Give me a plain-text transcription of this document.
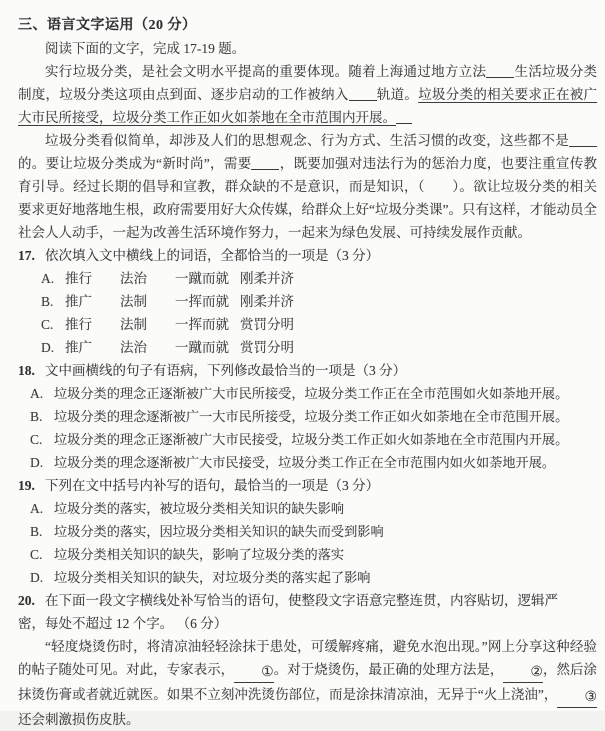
三、语言文字运用（20 分）
阅读下面的文字，完成 17-19 题。

实行垃圾分类，是社会文明水平提高的重要体现。随着上海通过地方立法 生活垃圾分类制度，垃圾分类这项由点到面、逐步启动的工作被纳入 轨道。垃圾分类的相关要求正在被广大市民所接受，垃圾分类工作正如火如荼地在全市范围内开展。

垃圾分类看似简单，却涉及人们的思想观念、行为方式、生活习惯的改变，这些都不是的。要让垃圾分类成为“新时尚”，需要 ，既要加强对违法行为的惩治力度，也要注重宣传教育引导。经过长期的倡导和宣教，群众缺的不是意识，而是知识，（　　）。欲让垃圾分类的相关要求更好地落地生根，政府需要用好大众传媒，给群众上好“垃圾分类课”。只有这样，才能动员全社会人人动手，一起为改善生活环境作努力，一起来为绿色发展、可持续发展作贡献。

17. 依次填入文中横线上的词语，全都恰当的一项是（3 分）
A. 推行	法治	一蹴而就 刚柔并济
B. 推广	法制	一挥而就 刚柔并济
C. 推行	法制	一挥而就 赏罚分明
D. 推广	法治	一蹴而就 赏罚分明
18. 文中画横线的句子有语病，下列修改最恰当的一项是（3 分）
A. 垃圾分类的理念正逐渐被广大市民所接受，垃圾分类工作正在全市范围如火如荼地开展。
B. 垃圾分类的理念逐渐被广一大市民所接受，垃圾分类工作正如火如荼地在全市范围开展。
C. 垃圾分类的理念正逐渐被广大市民接受，垃圾分类工作正如火如荼地在全市范围内开展。
D. 垃圾分类的理念逐渐被广大市民接受，垃圾分类工作正在全市范围内如火如荼地开展。
19. 下列在文中括号内补写的语句，最恰当的一项是（3 分）
A. 垃圾分类的落实，被垃圾分类相关知识的缺失影响
B. 垃圾分类的落实，因垃圾分类相关知识的缺失而受到影响
C. 垃圾分类相关知识的缺失，影响了垃圾分类的落实
D. 垃圾分类相关知识的缺失，对垃圾分类的落实起了影响
20. 在下面一段文字横线处补写恰当的语句，使整段文字语意完整连贯，内容贴切，逻辑严　密，每处不超过 12 个字。 （6 分）

“轻度烧烫伤时，将清凉油轻轻涂抹于患处，可缓解疼痛，避免水泡出现。”网上分享这种经验的帖子随处可见。对此，专家表示， ①。对于烧烫伤，最正确的处理方法是， ②，然后涂抹烫伤膏或者就近就医。如果不立刻冲洗烫伤部位，而是涂抹清凉油，无异于“火上浇油”， ③还会刺激损伤皮肤。
